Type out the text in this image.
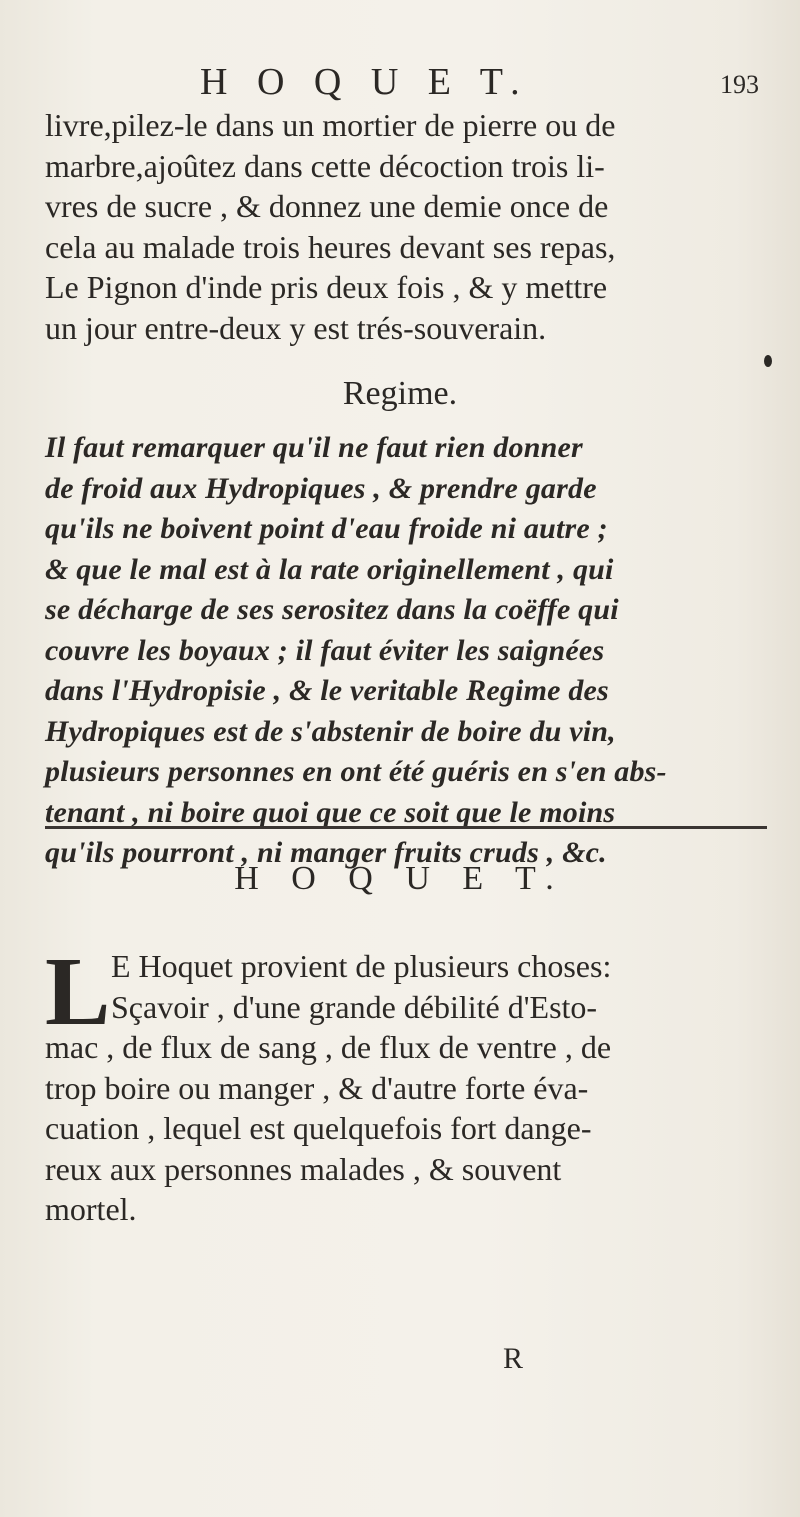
H O Q U E T.	193
livre,pilez-le dans un mortier de pierre ou de
marbre,ajoûtez dans cette décoction trois li-
vres de sucre , & donnez une demie once de
cela au malade trois heures devant ses repas,
Le Pignon d'inde pris deux fois , & y mettre
un jour entre-deux y est trés-souverain.
Regime.
Il faut remarquer qu'il ne faut rien donner
de froid aux Hydropiques , & prendre garde
qu'ils ne boivent point d'eau froide ni autre ;
& que le mal est à la rate originellement , qui
se décharge de ses serositez dans la coëffe qui
couvre les boyaux ; il faut éviter les saignées
dans l'Hydropisie , & le veritable Regime des
Hydropiques est de s'abstenir de boire du vin,
plusieurs personnes en ont été guéris en s'en abs-
tenant , ni boire quoi que ce soit que le moins
qu'ils pourront , ni manger fruits cruds , &c.
H O Q U E T.
L E Hoquet provient de plusieurs choses:
Sçavoir , d'une grande débilité d'Esto-
mac , de flux de sang , de flux de ventre , de
trop boire ou manger , & d'autre forte éva-
cuation , lequel est quelquefois fort dange-
reux aux personnes malades , & souvent
mortel.
R
